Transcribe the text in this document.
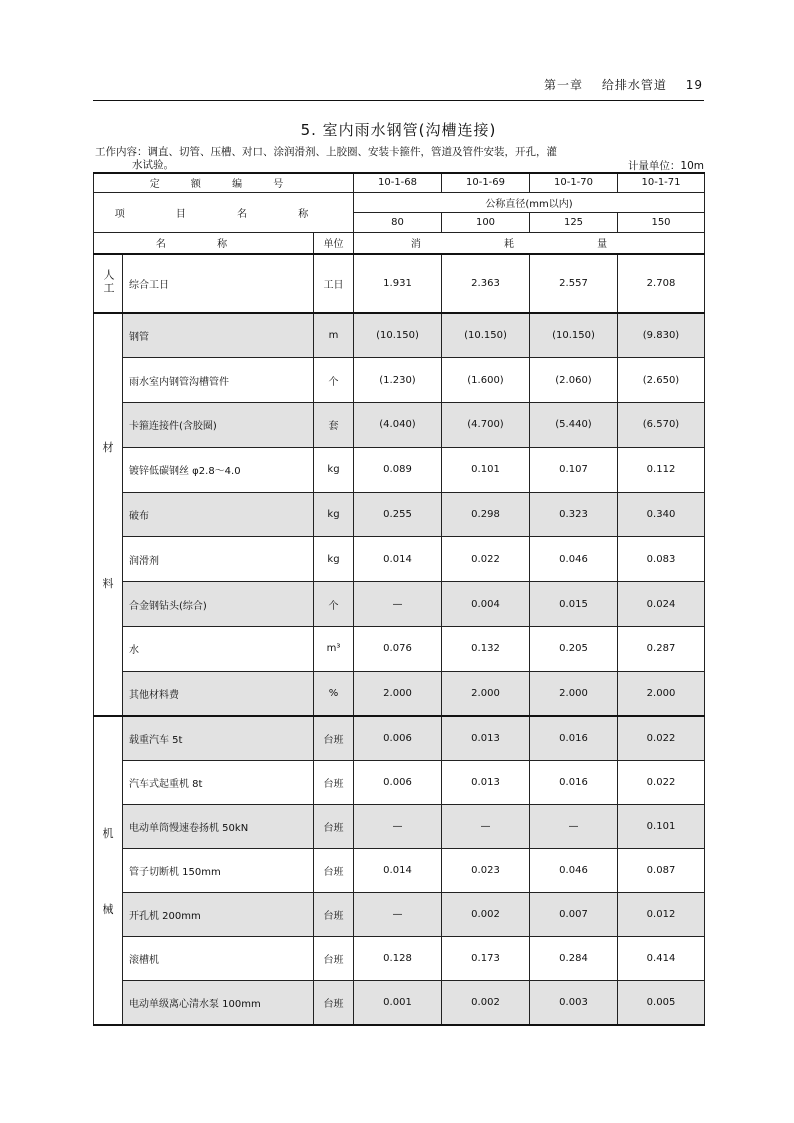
第一章 给排水管道 19
5. 室内雨水钢管(沟槽连接)
工作内容：调直、切管、压槽、对口、涂润滑剂、上胶圈、安装卡箍件，管道及管件安装，开孔，灌
水试验。	计量单位：10m
定 额 编 号			10-1-68	10-1-69	10-1-70	10-1-71
项 目 名 称			公称直径(mm以内)			
			80	100	125	150
名 称		单位	消 耗 量			
人工	综合工日	工日	1.931	2.363	2.557	2.708

材
料	钢管	m	(10.150)	(10.150)	(10.150)	(9.830)
	雨水室内钢管沟槽管件	个	(1.230)	(1.600)	(2.060)	(2.650)
	卡箍连接件(含胶圈)	套	(4.040)	(4.700)	(5.440)	(6.570)
	镀锌低碳钢丝 φ2.8～4.0	kg	0.089	0.101	0.107	0.112
	破布	kg	0.255	0.298	0.323	0.340
	润滑剂	kg	0.014	0.022	0.046	0.083
	合金钢钻头(综合)	个	—	0.004	0.015	0.024
	水	m³	0.076	0.132	0.205	0.287
	其他材料费	%	2.000	2.000	2.000	2.000

机
械	载重汽车 5t	台班	0.006	0.013	0.016	0.022
	汽车式起重机 8t	台班	0.006	0.013	0.016	0.022
	电动单筒慢速卷扬机 50kN	台班	—	—	—	0.101
	管子切断机 150mm	台班	0.014	0.023	0.046	0.087
	开孔机 200mm	台班	—	0.002	0.007	0.012
	滚槽机	台班	0.128	0.173	0.284	0.414
	电动单级离心清水泵 100mm	台班	0.001	0.002	0.003	0.005
